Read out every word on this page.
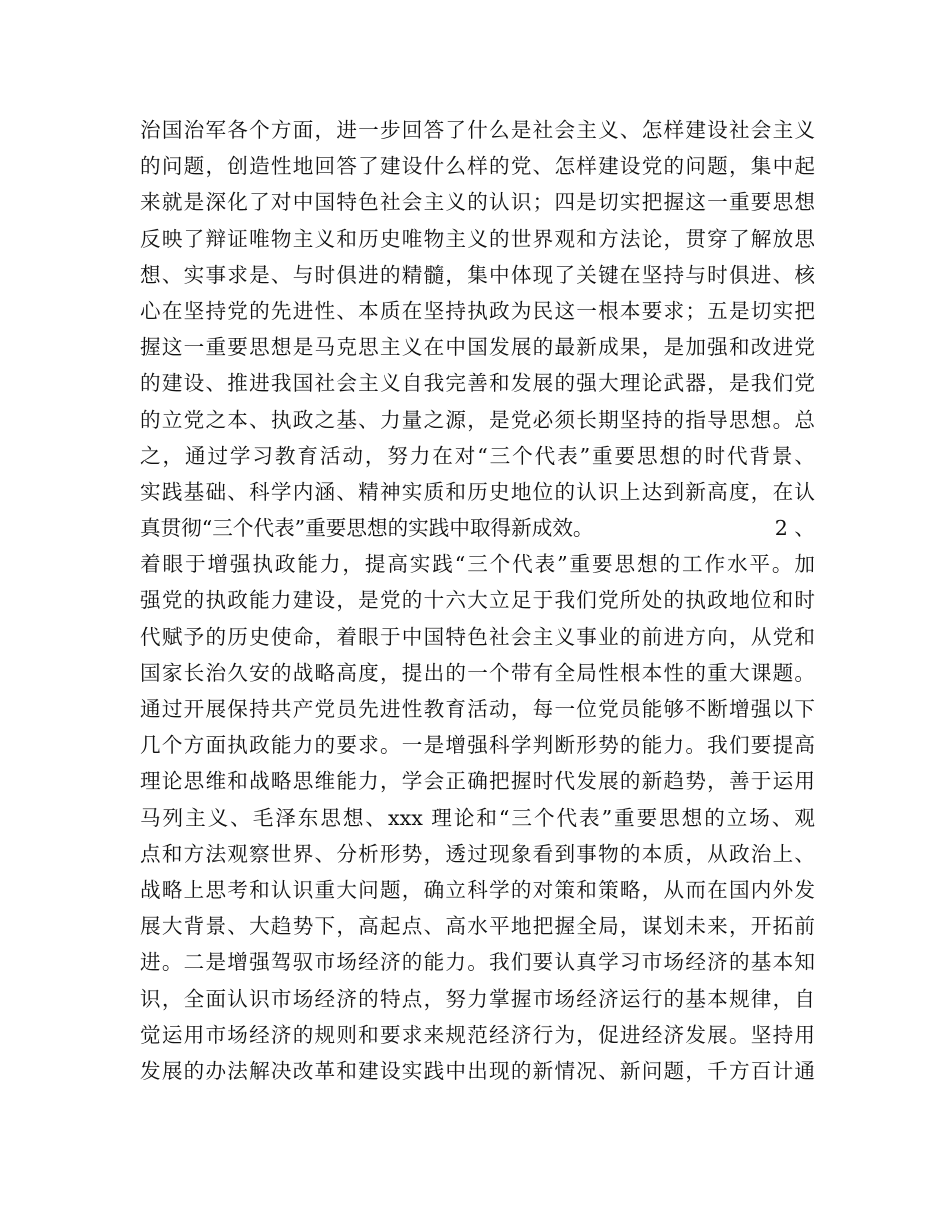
治国治军各个方面，进一步回答了什么是社会主义、怎样建设社会主义
的问题，创造性地回答了建设什么样的党、怎样建设党的问题，集中起
来就是深化了对中国特色社会主义的认识；四是切实把握这一重要思想
反映了辩证唯物主义和历史唯物主义的世界观和方法论，贯穿了解放思
想、实事求是、与时俱进的精髓，集中体现了关键在坚持与时俱进、核
心在坚持党的先进性、本质在坚持执政为民这一根本要求；五是切实把
握这一重要思想是马克思主义在中国发展的最新成果，是加强和改进党
的建设、推进我国社会主义自我完善和发展的强大理论武器，是我们党
的立党之本、执政之基、力量之源，是党必须长期坚持的指导思想。总
之，通过学习教育活动，努力在对“三个代表”重要思想的时代背景、
实践基础、科学内涵、精神实质和历史地位的认识上达到新高度，在认
真贯彻“三个代表”重要思想的实践中取得新成效。	2 、
着眼于增强执政能力，提高实践“三个代表”重要思想的工作水平。加
强党的执政能力建设，是党的十六大立足于我们党所处的执政地位和时
代赋予的历史使命，着眼于中国特色社会主义事业的前进方向，从党和
国家长治久安的战略高度，提出的一个带有全局性根本性的重大课题。
通过开展保持共产党员先进性教育活动，每一位党员能够不断增强以下
几个方面执政能力的要求。一是增强科学判断形势的能力。我们要提高
理论思维和战略思维能力，学会正确把握时代发展的新趋势，善于运用
马列主义、毛泽东思想、xxx 理论和“三个代表”重要思想的立场、观
点和方法观察世界、分析形势，透过现象看到事物的本质，从政治上、
战略上思考和认识重大问题，确立科学的对策和策略，从而在国内外发
展大背景、大趋势下，高起点、高水平地把握全局，谋划未来，开拓前
进。二是增强驾驭市场经济的能力。我们要认真学习市场经济的基本知
识，全面认识市场经济的特点，努力掌握市场经济运行的基本规律，自
觉运用市场经济的规则和要求来规范经济行为，促进经济发展。坚持用
发展的办法解决改革和建设实践中出现的新情况、新问题，千方百计通
